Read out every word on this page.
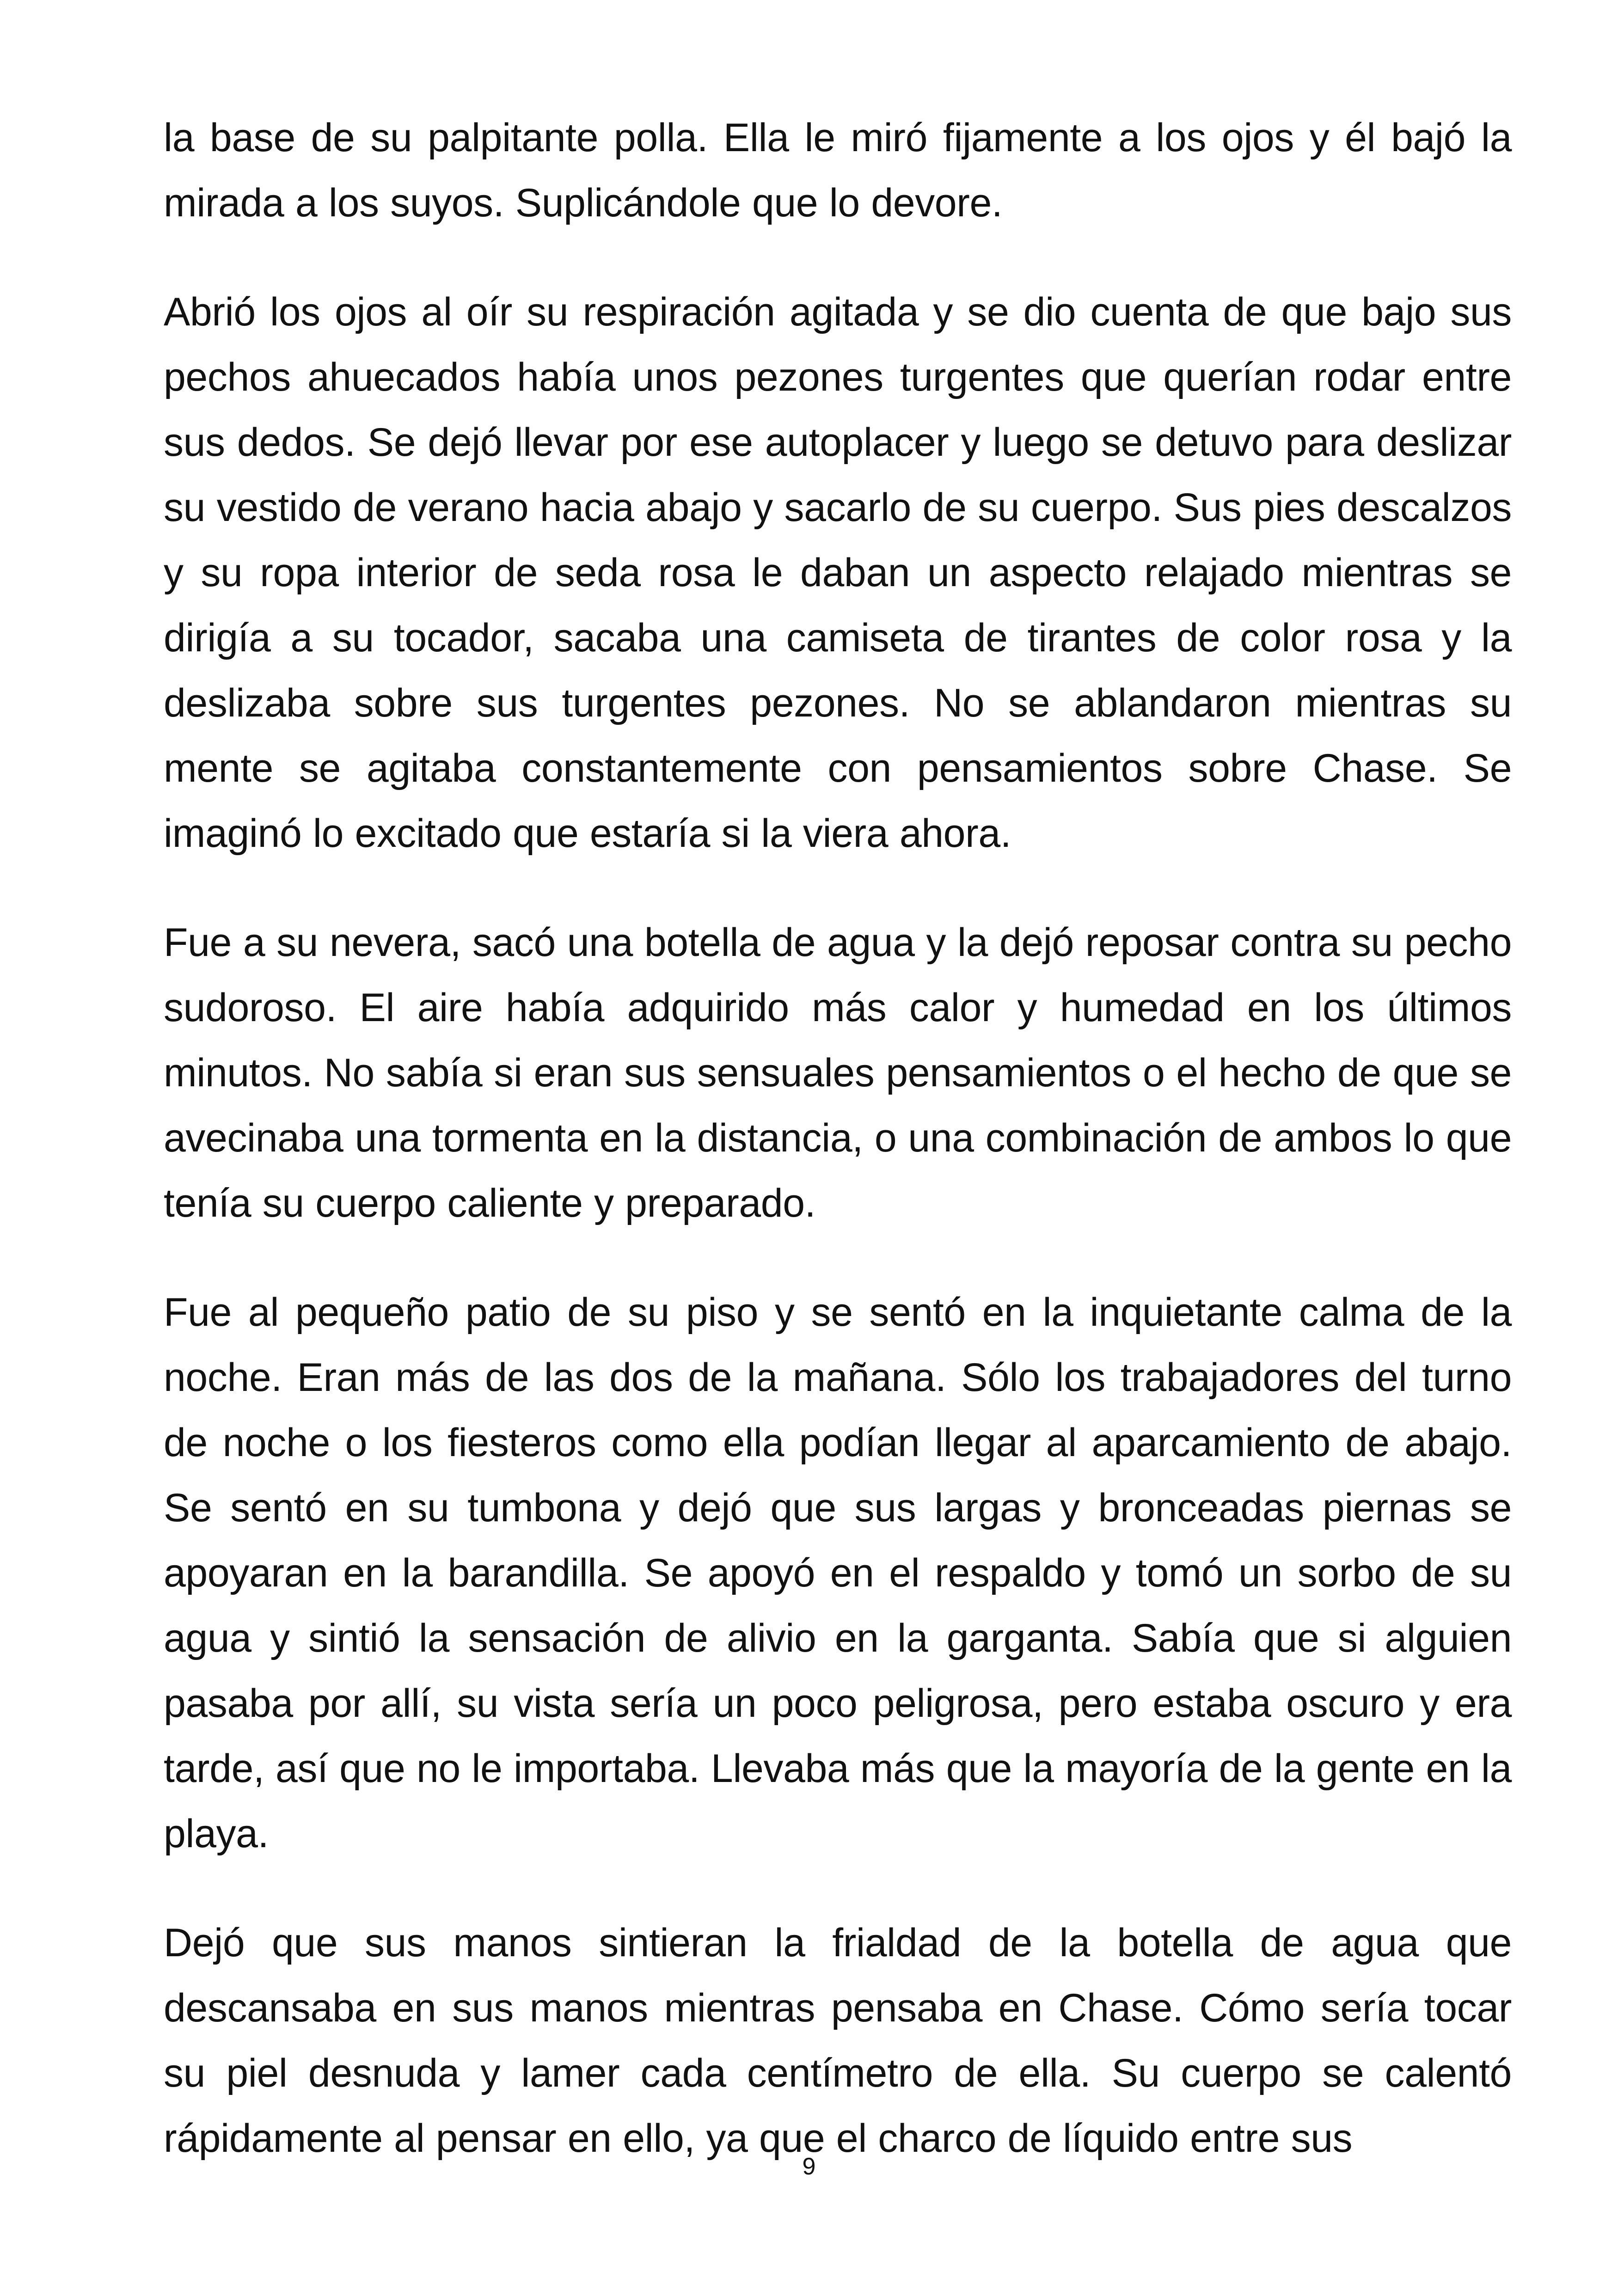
la base de su palpitante polla. Ella le miró fijamente a los ojos y él bajó la mirada a los suyos. Suplicándole que lo devore.

Abrió los ojos al oír su respiración agitada y se dio cuenta de que bajo sus pechos ahuecados había unos pezones turgentes que querían rodar entre sus dedos. Se dejó llevar por ese autoplacer y luego se detuvo para deslizar su vestido de verano hacia abajo y sacarlo de su cuerpo. Sus pies descalzos y su ropa interior de seda rosa le daban un aspecto relajado mientras se dirigía a su tocador, sacaba una camiseta de tirantes de color rosa y la deslizaba sobre sus turgentes pezones. No se ablandaron mientras su mente se agitaba constantemente con pensamientos sobre Chase. Se imaginó lo excitado que estaría si la viera ahora.

Fue a su nevera, sacó una botella de agua y la dejó reposar contra su pecho sudoroso. El aire había adquirido más calor y humedad en los últimos minutos. No sabía si eran sus sensuales pensamientos o el hecho de que se avecinaba una tormenta en la distancia, o una combinación de ambos lo que tenía su cuerpo caliente y preparado.

Fue al pequeño patio de su piso y se sentó en la inquietante calma de la noche. Eran más de las dos de la mañana. Sólo los trabajadores del turno de noche o los fiesteros como ella podían llegar al aparcamiento de abajo. Se sentó en su tumbona y dejó que sus largas y bronceadas piernas se apoyaran en la barandilla. Se apoyó en el respaldo y tomó un sorbo de su agua y sintió la sensación de alivio en la garganta. Sabía que si alguien pasaba por allí, su vista sería un poco peligrosa, pero estaba oscuro y era tarde, así que no le importaba. Llevaba más que la mayoría de la gente en la playa.

Dejó que sus manos sintieran la frialdad de la botella de agua que descansaba en sus manos mientras pensaba en Chase. Cómo sería tocar su piel desnuda y lamer cada centímetro de ella. Su cuerpo se calentó rápidamente al pensar en ello, ya que el charco de líquido entre sus

9
